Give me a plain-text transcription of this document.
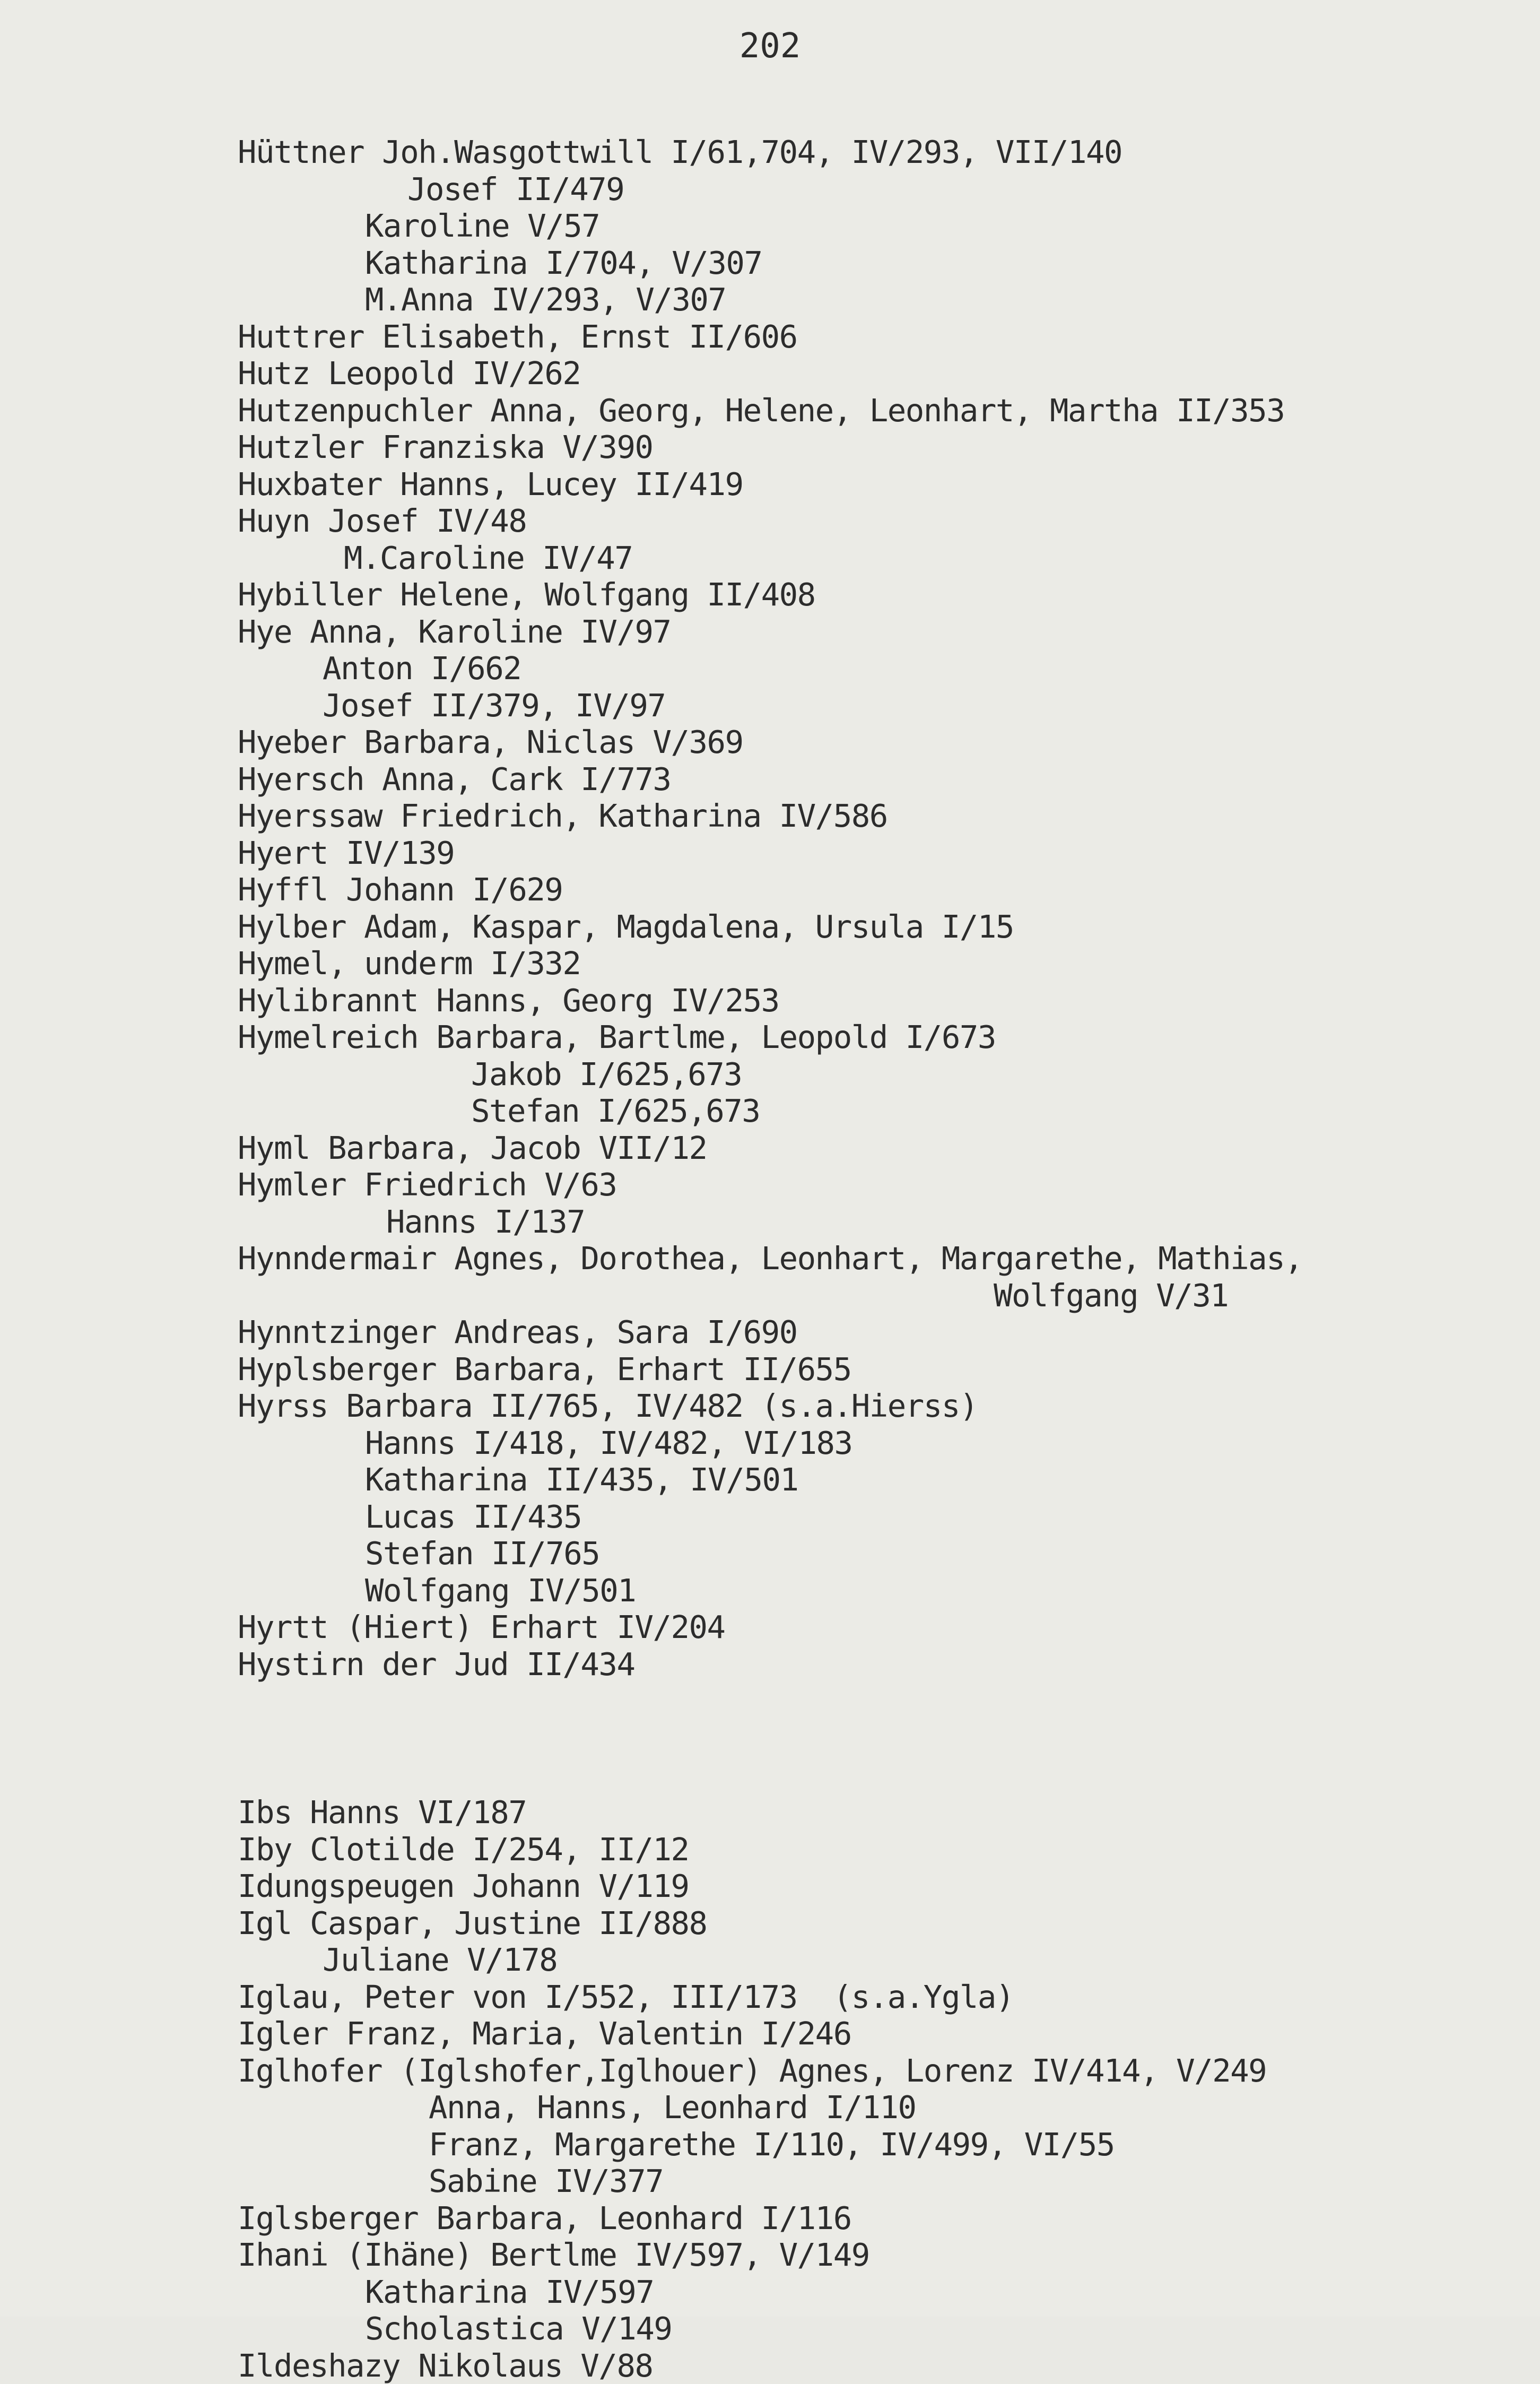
202
Hüttner Joh.Wasgottwill I/61,704, IV/293, VII/140
Josef II/479
Karoline V/57
Katharina I/704, V/307
M.Anna IV/293, V/307
Huttrer Elisabeth, Ernst II/606
Hutz Leopold IV/262
Hutzenpuchler Anna, Georg, Helene, Leonhart, Martha II/353
Hutzler Franziska V/390
Huxbater Hanns, Lucey II/419
Huyn Josef IV/48
M.Caroline IV/47
Hybiller Helene, Wolfgang II/408
Hye Anna, Karoline IV/97
Anton I/662
Josef II/379, IV/97
Hyeber Barbara, Niclas V/369
Hyersch Anna, Cark I/773
Hyerssaw Friedrich, Katharina IV/586
Hyert IV/139
Hyffl Johann I/629
Hylber Adam, Kaspar, Magdalena, Ursula I/15
Hymel, underm I/332
Hylibrannt Hanns, Georg IV/253
Hymelreich Barbara, Bartlme, Leopold I/673
Jakob I/625,673
Stefan I/625,673
Hyml Barbara, Jacob VII/12
Hymler Friedrich V/63
Hanns I/137
Hynndermair Agnes, Dorothea, Leonhart, Margarethe, Mathias,
Wolfgang V/31
Hynntzinger Andreas, Sara I/690
Hyplsberger Barbara, Erhart II/655
Hyrss Barbara II/765, IV/482 (s.a.Hierss)
Hanns I/418, IV/482, VI/183
Katharina II/435, IV/501
Lucas II/435
Stefan II/765
Wolfgang IV/501
Hyrtt (Hiert) Erhart IV/204
Hystirn der Jud II/434
Ibs Hanns VI/187
Iby Clotilde I/254, II/12
Idungspeugen Johann V/119
Igl Caspar, Justine II/888
Juliane V/178
Iglau, Peter von I/552, III/173  (s.a.Ygla)
Igler Franz, Maria, Valentin I/246
Iglhofer (Iglshofer,Iglhouer) Agnes, Lorenz IV/414, V/249
Anna, Hanns, Leonhard I/110
Franz, Margarethe I/110, IV/499, VI/55
Sabine IV/377
Iglsberger Barbara, Leonhard I/116
Ihani (Ihäne) Bertlme IV/597, V/149
Katharina IV/597
Scholastica V/149
Ildeshazy Nikolaus V/88
